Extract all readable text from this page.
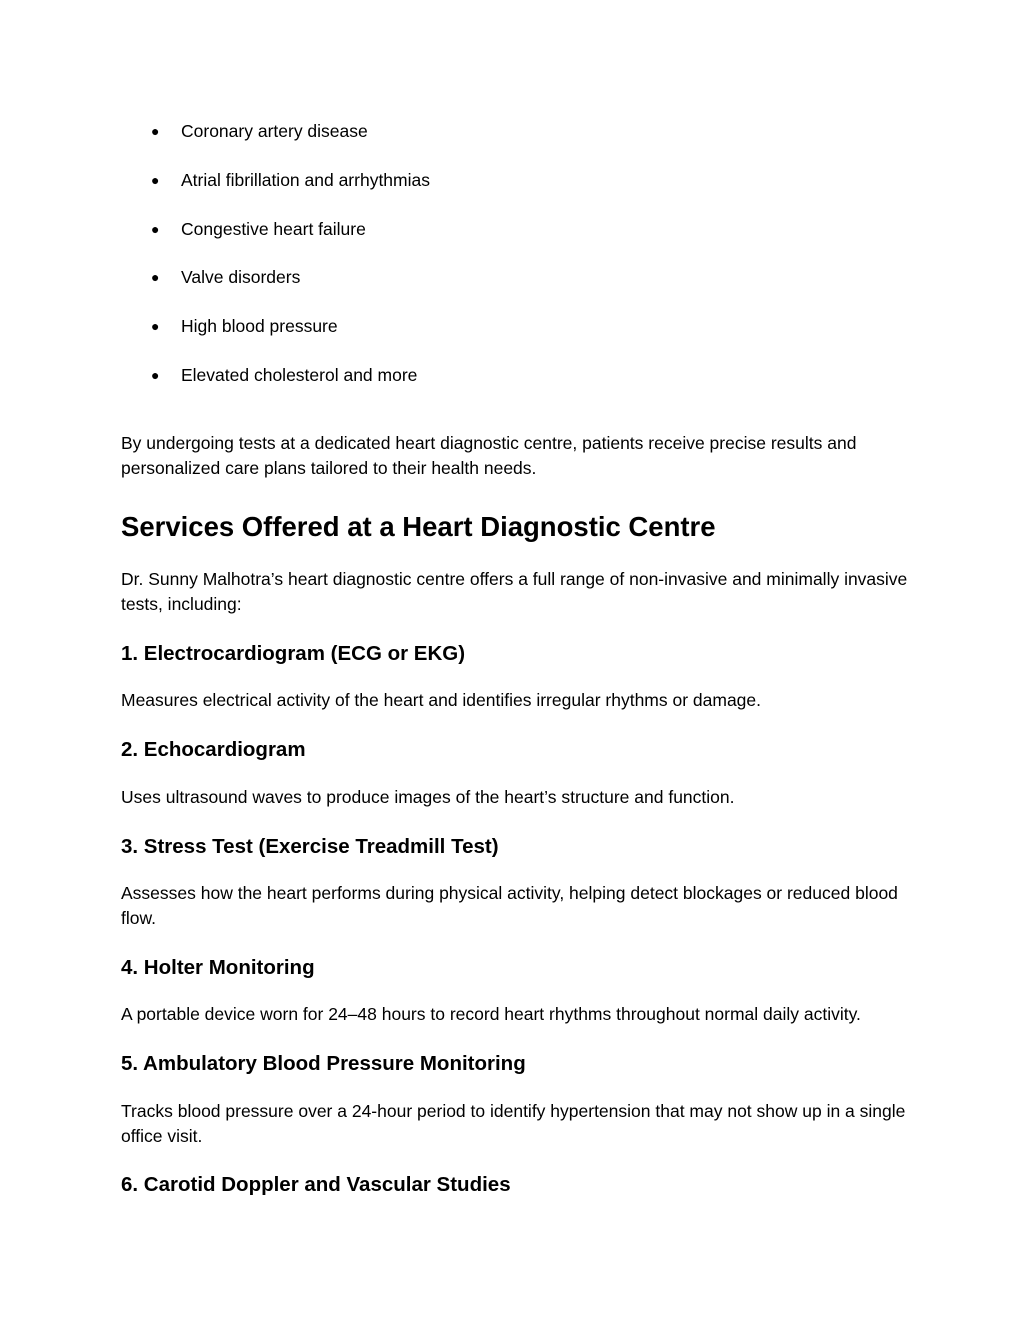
● Coronary artery disease
● Atrial fibrillation and arrhythmias
● Congestive heart failure
● Valve disorders
● High blood pressure
● Elevated cholesterol and more

By undergoing tests at a dedicated heart diagnostic centre, patients receive precise results and personalized care plans tailored to their health needs.

Services Offered at a Heart Diagnostic Centre

Dr. Sunny Malhotra’s heart diagnostic centre offers a full range of non-invasive and minimally invasive tests, including:

1. Electrocardiogram (ECG or EKG)

Measures electrical activity of the heart and identifies irregular rhythms or damage.

2. Echocardiogram

Uses ultrasound waves to produce images of the heart’s structure and function.

3. Stress Test (Exercise Treadmill Test)

Assesses how the heart performs during physical activity, helping detect blockages or reduced blood flow.

4. Holter Monitoring

A portable device worn for 24–48 hours to record heart rhythms throughout normal daily activity.

5. Ambulatory Blood Pressure Monitoring

Tracks blood pressure over a 24-hour period to identify hypertension that may not show up in a single office visit.

6. Carotid Doppler and Vascular Studies
